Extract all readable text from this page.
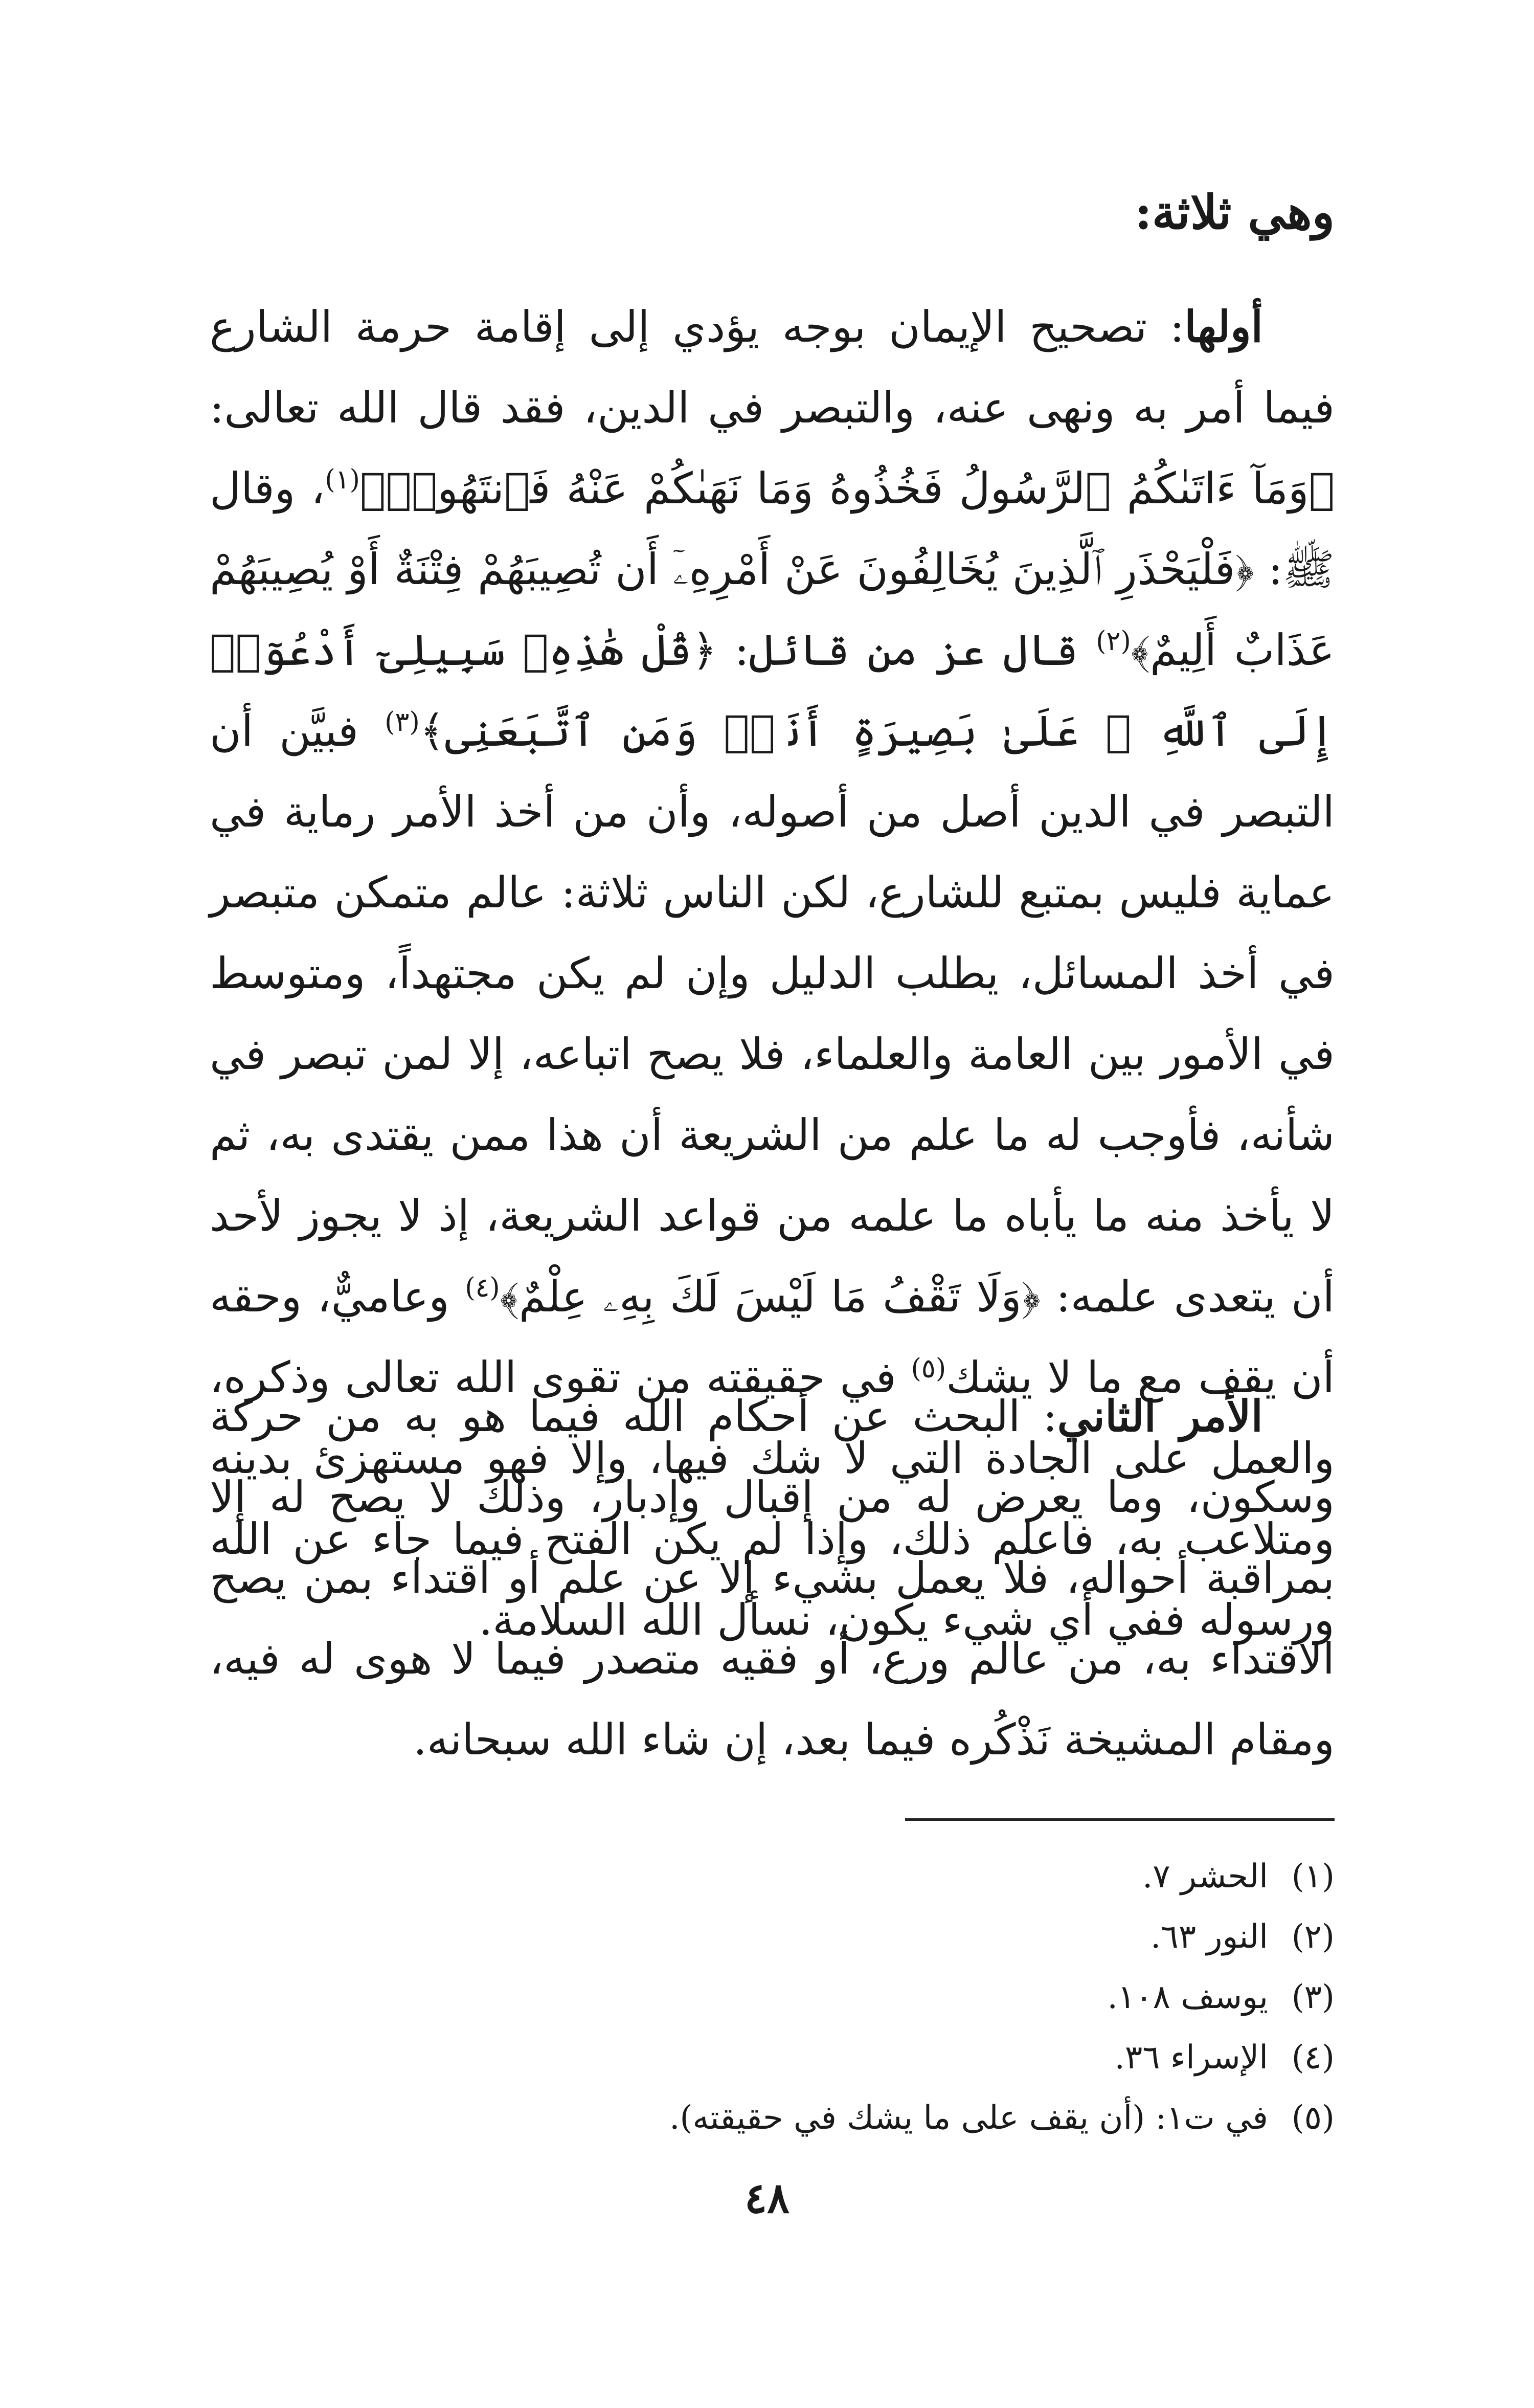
وهي ثلاثة:

أولها: تصحيح الإيمان بوجه يؤدي إلى إقامة حرمة الشارع فيما أمر به ونهى عنه، والتبصر في الدين، فقد قال الله تعالى: ﴿وَمَآ ءَاتَىٰكُمُ ٱلرَّسُولُ فَخُذُوهُ وَمَا نَهَىٰكُمْ عَنْهُ فَٱنتَهُوا۟﴾$^{(١)}$، وقال ﷺ: ﴿فَلْيَحْذَرِ ٱلَّذِينَ يُخَالِفُونَ عَنْ أَمْرِهِۦٓ أَن تُصِيبَهُمْ فِتْنَةٌ أَوْ يُصِيبَهُمْ عَذَابٌ أَلِيمٌ﴾$^{(٢)}$ قال عز من قائل: ﴿قُلْ هَٰذِهِۦ سَبِيلِىٓ أَدْعُوٓا۟ إِلَى ٱللَّهِ ۚ عَلَىٰ بَصِيرَةٍ أَنَا۠ وَمَنِ ٱتَّبَعَنِى﴾$^{(٣)}$ فبيَّن أن التبصر في الدين أصل من أصوله، وأن من أخذ الأمر رماية في عماية فليس بمتبع للشارع، لكن الناس ثلاثة: عالم متمكن متبصر في أخذ المسائل، يطلب الدليل وإن لم يكن مجتهداً، ومتوسط في الأمور بين العامة والعلماء، فلا يصح اتباعه، إلا لمن تبصر في شأنه، فأوجب له ما علم من الشريعة أن هذا ممن يقتدى به، ثم لا يأخذ منه ما يأباه ما علمه من قواعد الشريعة، إذ لا يجوز لأحد أن يتعدى علمه: ﴿وَلَا تَقْفُ مَا لَيْسَ لَكَ بِهِۦ عِلْمٌ﴾$^{(٤)}$ وعاميٌّ، وحقه أن يقف مع ما لا يشك$^{(٥)}$ في حقيقته من تقوى الله تعالى وذكره، والعمل على الجادة التي لا شك فيها، وإلا فهو مستهزئ بدينه ومتلاعب به، فاعلم ذلك، وإذا لم يكن الفتح فيما جاء عن الله ورسوله ففي أي شيء يكون، نسأل الله السلامة.

الأمر الثاني: البحث عن أحكام الله فيما هو به من حركة وسكون، وما يعرض له من إقبال وإدبار، وذلك لا يصح له إلا بمراقبة أحواله، فلا يعمل بشيء إلا عن علم أو اقتداء بمن يصح الاقتداء به، من عالم ورع، أو فقيه متصدر فيما لا هوى له فيه، ومقام المشيخة نَذْكُره فيما بعد، إن شاء الله سبحانه.

(١)الحشر ٧.
(٢)النور ٦٣.
(٣)يوسف ١٠٨.
(٤)الإسراء ٣٦.
(٥)في ت١: (أن يقف على ما يشك في حقيقته).
٤٨
